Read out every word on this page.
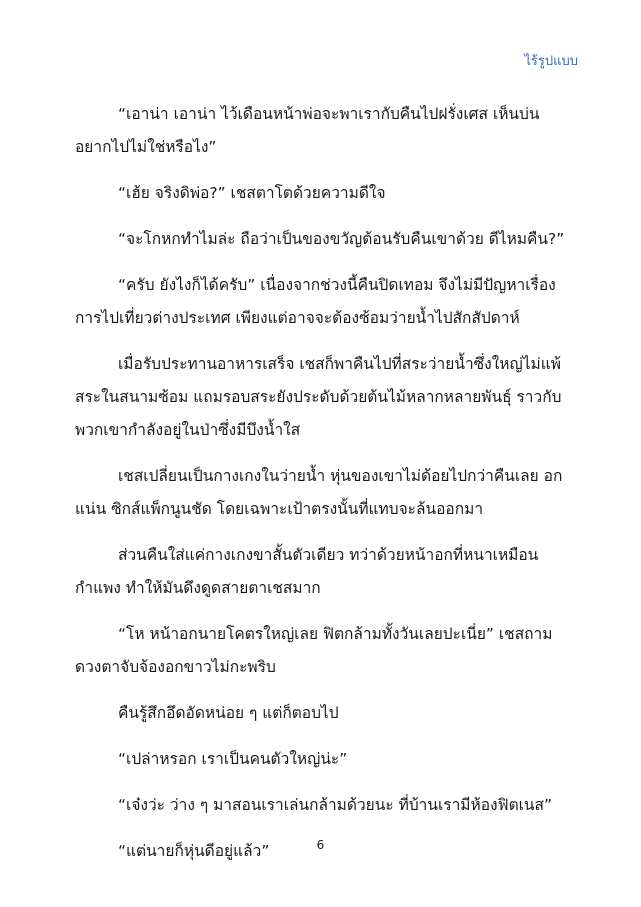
ไร้รูปแบบ

“เอาน่า เอาน่า ไว้เดือนหน้าพ่อจะพาเรากับคืนไปฝรั่งเศส เห็นบ่น
อยากไปไม่ใช่หรือไง”

“เฮ้ย จริงดิพ่อ?” เชสตาโตด้วยความดีใจ

“จะโกหกทำไมล่ะ ถือว่าเป็นของขวัญต้อนรับคืนเขาด้วย ดีไหมคืน?”

“ครับ ยังไงก็ได้ครับ” เนื่องจากช่วงนี้คืนปิดเทอม จึงไม่มีปัญหาเรื่อง
การไปเที่ยวต่างประเทศ เพียงแต่อาจจะต้องซ้อมว่ายน้ำไปสักสัปดาห์

เมื่อรับประทานอาหารเสร็จ เชสก็พาคืนไปที่สระว่ายน้ำซึ่งใหญ่ไม่แพ้
สระในสนามซ้อม แถมรอบสระยังประดับด้วยต้นไม้หลากหลายพันธุ์ ราวกับ
พวกเขากำลังอยู่ในป่าซึ่งมีบึงน้ำใส

เชสเปลี่ยนเป็นกางเกงในว่ายน้ำ หุ่นของเขาไม่ด้อยไปกว่าคืนเลย อก
แน่น ซิกส์แพ็กนูนชัด โดยเฉพาะเป้าตรงนั้นที่แทบจะล้นออกมา

ส่วนคืนใส่แค่กางเกงขาสั้นตัวเดียว ทว่าด้วยหน้าอกที่หนาเหมือน
กำแพง ทำให้มันดึงดูดสายตาเชสมาก

“โห หน้าอกนายโคตรใหญ่เลย ฟิตกล้ามทั้งวันเลยปะเนี่ย” เชสถาม
ดวงตาจับจ้องอกขาวไม่กะพริบ

คืนรู้สึกอึดอัดหน่อย ๆ แต่ก็ตอบไป

“เปล่าหรอก เราเป็นคนตัวใหญ่น่ะ”

“เจ๋งว่ะ ว่าง ๆ มาสอนเราเล่นกล้ามด้วยนะ ที่บ้านเรามีห้องฟิตเนส”

“แต่นายก็หุ่นดีอยู่แล้ว”	6
